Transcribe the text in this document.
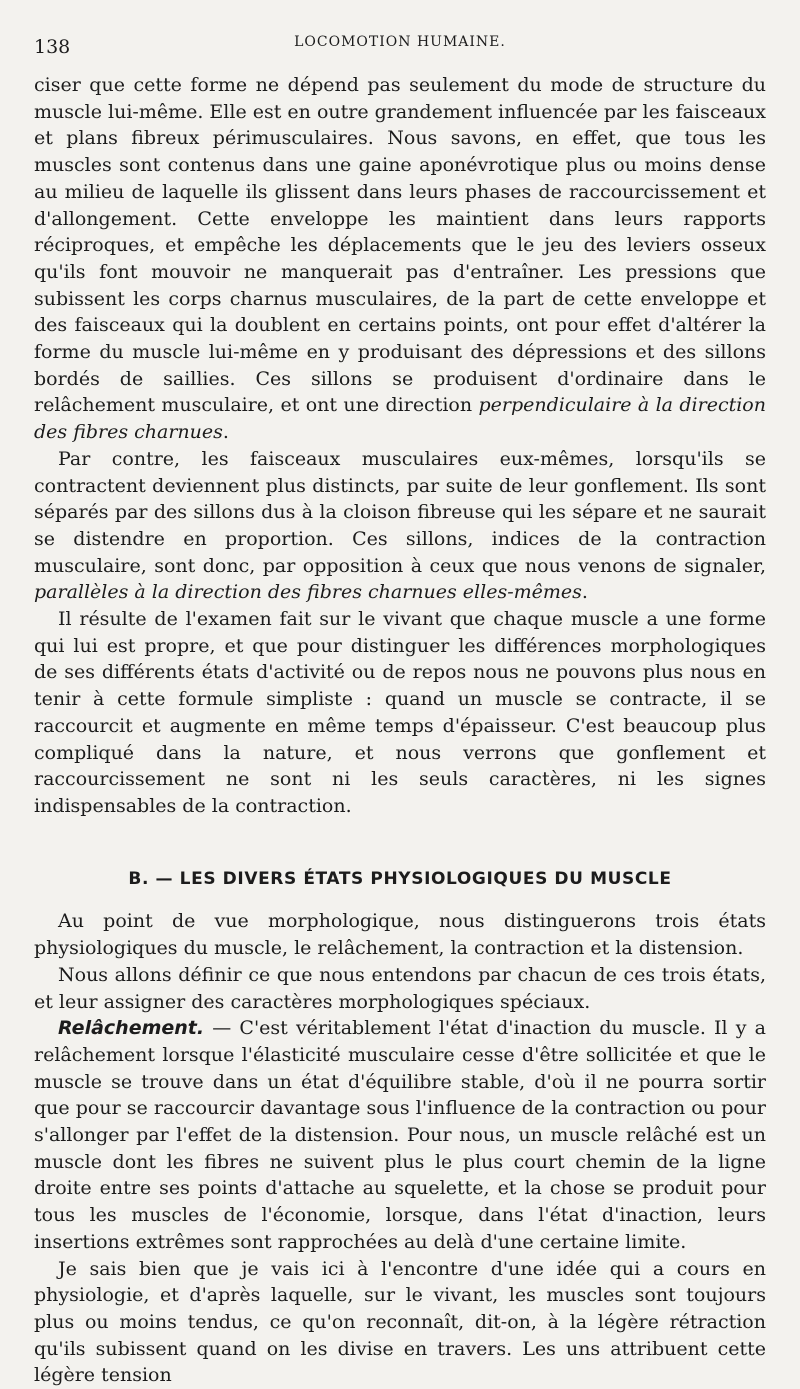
138	LOCOMOTION HUMAINE.

ciser que cette forme ne dépend pas seulement du mode de structure du muscle lui-même. Elle est en outre grandement influencée par les faisceaux et plans fibreux périmusculaires. Nous savons, en effet, que tous les muscles sont contenus dans une gaine aponévrotique plus ou moins dense au milieu de laquelle ils glissent dans leurs phases de raccourcissement et d'allongement. Cette enveloppe les maintient dans leurs rapports réciproques, et empêche les déplacements que le jeu des leviers osseux qu'ils font mouvoir ne manquerait pas d'entraîner. Les pressions que subissent les corps charnus musculaires, de la part de cette enveloppe et des faisceaux qui la doublent en certains points, ont pour effet d'altérer la forme du muscle lui-même en y produisant des dépressions et des sillons bordés de saillies. Ces sillons se produisent d'ordinaire dans le relâchement musculaire, et ont une direction perpendiculaire à la direction des fibres charnues.

Par contre, les faisceaux musculaires eux-mêmes, lorsqu'ils se contractent deviennent plus distincts, par suite de leur gonflement. Ils sont séparés par des sillons dus à la cloison fibreuse qui les sépare et ne saurait se distendre en proportion. Ces sillons, indices de la contraction musculaire, sont donc, par opposition à ceux que nous venons de signaler, parallèles à la direction des fibres charnues elles-mêmes.

Il résulte de l'examen fait sur le vivant que chaque muscle a une forme qui lui est propre, et que pour distinguer les différences morphologiques de ses différents états d'activité ou de repos nous ne pouvons plus nous en tenir à cette formule simpliste : quand un muscle se contracte, il se raccourcit et augmente en même temps d'épaisseur. C'est beaucoup plus compliqué dans la nature, et nous verrons que gonflement et raccourcissement ne sont ni les seuls caractères, ni les signes indispensables de la contraction.

B. — LES DIVERS ÉTATS PHYSIOLOGIQUES DU MUSCLE

Au point de vue morphologique, nous distinguerons trois états physiologiques du muscle, le relâchement, la contraction et la distension.

Nous allons définir ce que nous entendons par chacun de ces trois états, et leur assigner des caractères morphologiques spéciaux.

Relâchement. — C'est véritablement l'état d'inaction du muscle. Il y a relâchement lorsque l'élasticité musculaire cesse d'être sollicitée et que le muscle se trouve dans un état d'équilibre stable, d'où il ne pourra sortir que pour se raccourcir davantage sous l'influence de la contraction ou pour s'allonger par l'effet de la distension. Pour nous, un muscle relâché est un muscle dont les fibres ne suivent plus le plus court chemin de la ligne droite entre ses points d'attache au squelette, et la chose se produit pour tous les muscles de l'économie, lorsque, dans l'état d'inaction, leurs insertions extrêmes sont rapprochées au delà d'une certaine limite.

Je sais bien que je vais ici à l'encontre d'une idée qui a cours en physiologie, et d'après laquelle, sur le vivant, les muscles sont toujours plus ou moins tendus, ce qu'on reconnaît, dit-on, à la légère rétraction qu'ils subissent quand on les divise en travers. Les uns attribuent cette légère tension
